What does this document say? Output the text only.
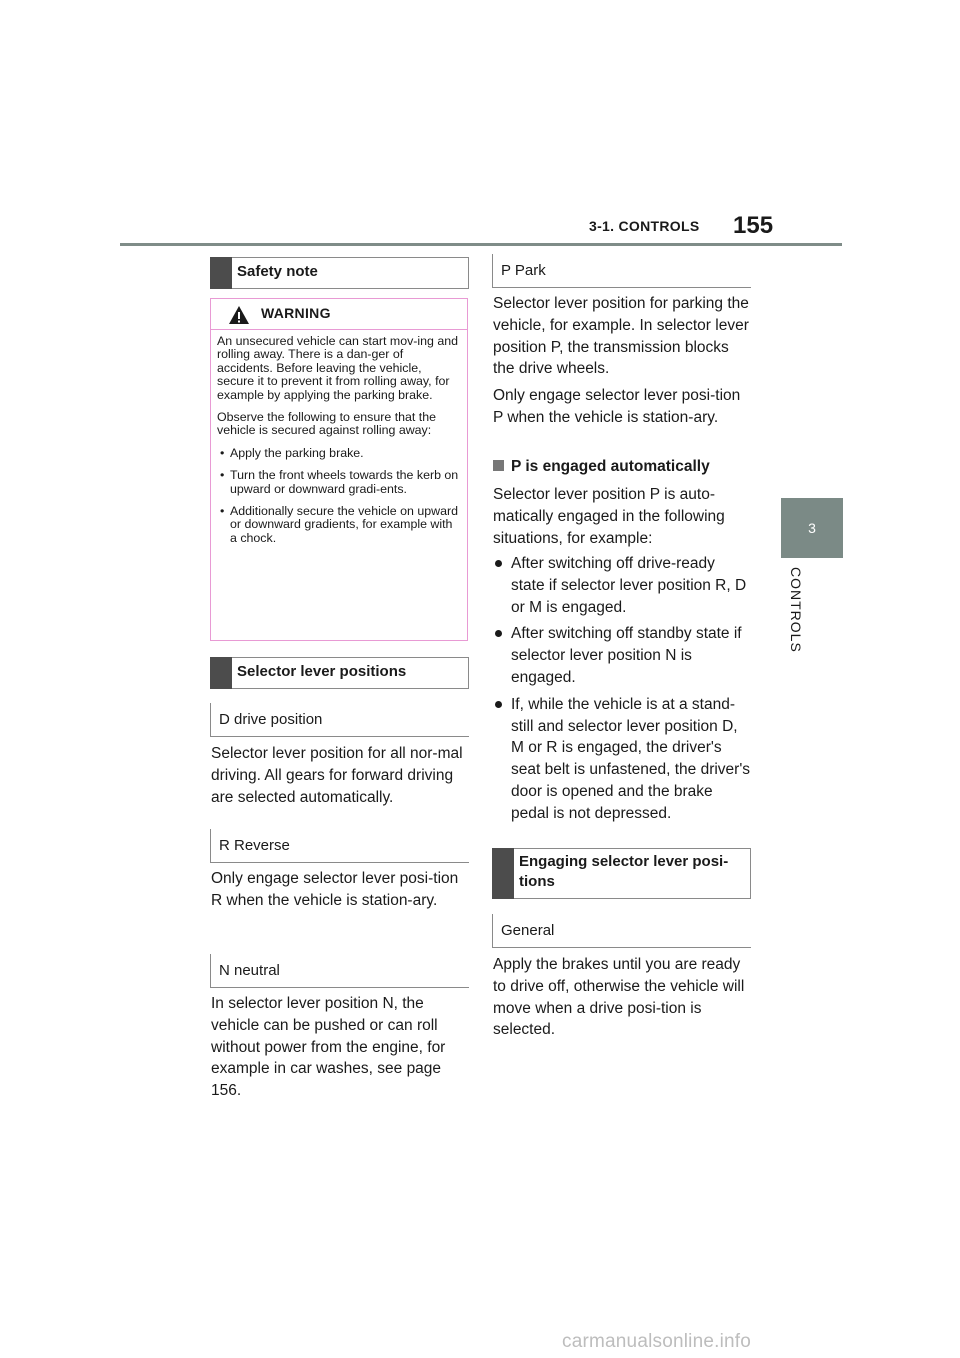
3-1. CONTROLS 155
3
CONTROLS
Safety note
WARNING

An unsecured vehicle can start mov-ing and rolling away. There is a dan-ger of accidents. Before leaving the vehicle, secure it to prevent it from rolling away, for example by applying the parking brake.

Observe the following to ensure that the vehicle is secured against rolling away:

• Apply the parking brake.
• Turn the front wheels towards the kerb on upward or downward gradi-ents.
• Additionally secure the vehicle on upward or downward gradients, for example with a chock.
Selector lever positions
D drive position

Selector lever position for all nor-mal driving. All gears for forward driving are selected automatically.

R Reverse

Only engage selector lever posi-tion R when the vehicle is station-ary.

N neutral

In selector lever position N, the vehicle can be pushed or can roll without power from the engine, for example in car washes, see page 156.

P Park

Selector lever position for parking the vehicle, for example. In selector lever position P, the transmission blocks the drive wheels.

Only engage selector lever posi-tion P when the vehicle is station-ary.

P is engaged automatically

Selector lever position P is auto-matically engaged in the following situations, for example:

After switching off drive-ready state if selector lever position R, D or M is engaged.
After switching off standby state if selector lever position N is engaged.
If, while the vehicle is at a stand-still and selector lever position D, M or R is engaged, the driver's seat belt is unfastened, the driver's door is opened and the brake pedal is not depressed.
Engaging selector lever posi-tions
General

Apply the brakes until you are ready to drive off, otherwise the vehicle will move when a drive posi-tion is selected.

carmanualsonline.info
